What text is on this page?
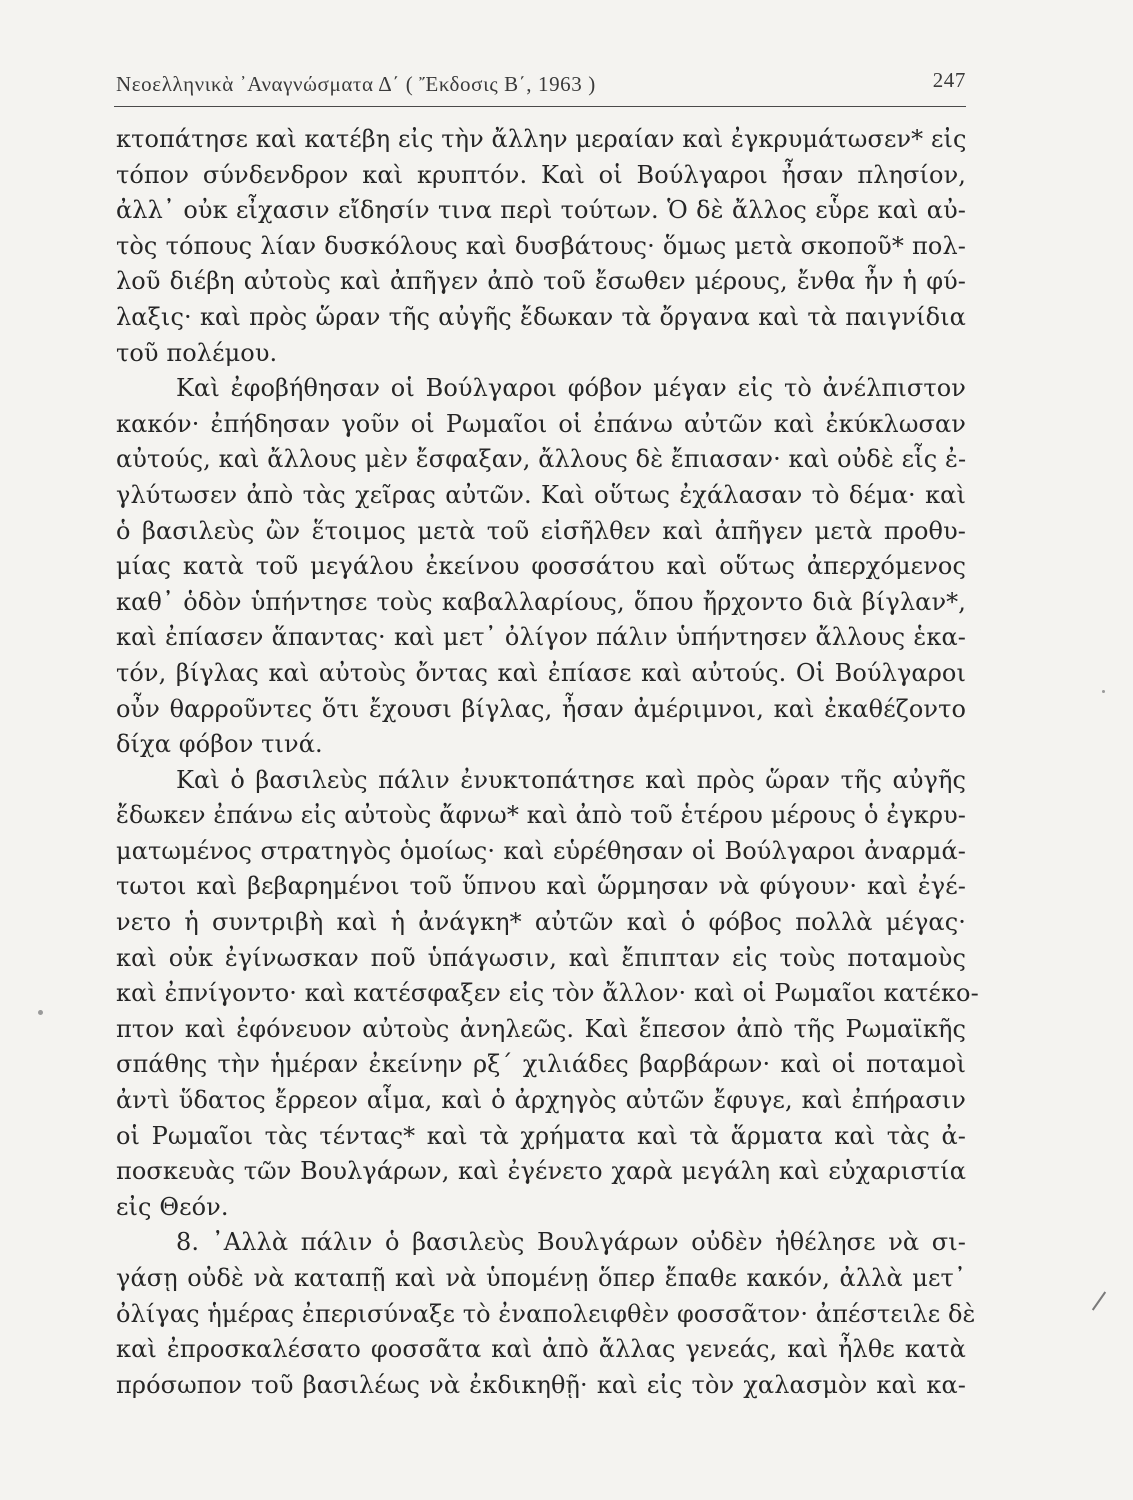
Νεοελληνικὰ ᾿Αναγνώσματα Δ΄ ( Ἔκδοσις Β΄, 1963 )	247
κτοπάτησε καὶ κατέβη εἰς τὴν ἄλλην μεραίαν καὶ ἐγκρυμάτωσεν* εἰς
τόπον σύνδενδρον καὶ κρυπτόν. Καὶ οἱ Βούλγαροι ἦσαν πλησίον,
ἀλλ᾽ οὐκ εἶχασιν εἴδησίν τινα περὶ τούτων. Ὁ δὲ ἄλλος εὗρε καὶ αὐ-
τὸς τόπους λίαν δυσκόλους καὶ δυσβάτους· ὅμως μετὰ σκοποῦ* πολ-
λοῦ διέβη αὐτοὺς καὶ ἀπῆγεν ἀπὸ τοῦ ἔσωθεν μέρους, ἔνθα ἦν ἡ φύ-
λαξις· καὶ πρὸς ὥραν τῆς αὐγῆς ἔδωκαν τὰ ὄργανα καὶ τὰ παιγνίδια
τοῦ πολέμου.
Καὶ ἐφοβήθησαν οἱ Βούλγαροι φόβον μέγαν εἰς τὸ ἀνέλπιστον
κακόν· ἐπήδησαν γοῦν οἱ Ρωμαῖοι οἱ ἐπάνω αὐτῶν καὶ ἐκύκλωσαν
αὐτούς, καὶ ἄλλους μὲν ἔσφαξαν, ἄλλους δὲ ἔπιασαν· καὶ οὐδὲ εἷς ἐ-
γλύτωσεν ἀπὸ τὰς χεῖρας αὐτῶν. Καὶ οὕτως ἐχάλασαν τὸ δέμα· καὶ
ὁ βασιλεὺς ὢν ἕτοιμος μετὰ τοῦ εἰσῆλθεν καὶ ἀπῆγεν μετὰ προθυ-
μίας κατὰ τοῦ μεγάλου ἐκείνου φοσσάτου καὶ οὕτως ἀπερχόμενος
καθ᾽ ὁδὸν ὑπήντησε τοὺς καβαλλαρίους, ὅπου ἤρχοντο διὰ βίγλαν*,
καὶ ἐπίασεν ἅπαντας· καὶ μετ᾽ ὀλίγον πάλιν ὑπήντησεν ἄλλους ἑκα-
τόν, βίγλας καὶ αὐτοὺς ὄντας καὶ ἐπίασε καὶ αὐτούς. Οἱ Βούλγαροι
οὖν θαρροῦντες ὅτι ἔχουσι βίγλας, ἦσαν ἀμέριμνοι, καὶ ἐκαθέζοντο
δίχα φόβον τινά.
Καὶ ὁ βασιλεὺς πάλιν ἐνυκτοπάτησε καὶ πρὸς ὥραν τῆς αὐγῆς
ἔδωκεν ἐπάνω εἰς αὐτοὺς ἄφνω* καὶ ἀπὸ τοῦ ἑτέρου μέρους ὁ ἐγκρυ-
ματωμένος στρατηγὸς ὁμοίως· καὶ εὑρέθησαν οἱ Βούλγαροι ἀναρμά-
τωτοι καὶ βεβαρημένοι τοῦ ὕπνου καὶ ὥρμησαν νὰ φύγουν· καὶ ἐγέ-
νετο ἡ συντριβὴ καὶ ἡ ἀνάγκη* αὐτῶν καὶ ὁ φόβος πολλὰ μέγας·
καὶ οὐκ ἐγίνωσκαν ποῦ ὑπάγωσιν, καὶ ἔπιπταν εἰς τοὺς ποταμοὺς
καὶ ἐπνίγοντο· καὶ κατέσφαξεν εἰς τὸν ἄλλον· καὶ οἱ Ρωμαῖοι κατέκο-
πτον καὶ ἐφόνευον αὐτοὺς ἀνηλεῶς. Καὶ ἔπεσον ἀπὸ τῆς Ρωμαϊκῆς
σπάθης τὴν ἡμέραν ἐκείνην ρξ΄ χιλιάδες βαρβάρων· καὶ οἱ ποταμοὶ
ἀντὶ ὕδατος ἔρρεον αἷμα, καὶ ὁ ἀρχηγὸς αὐτῶν ἔφυγε, καὶ ἐπήρασιν
οἱ Ρωμαῖοι τὰς τέντας* καὶ τὰ χρήματα καὶ τὰ ἅρματα καὶ τὰς ἀ-
ποσκευὰς τῶν Βουλγάρων, καὶ ἐγένετο χαρὰ μεγάλη καὶ εὐχαριστία
εἰς Θεόν.
8. ᾿Αλλὰ πάλιν ὁ βασιλεὺς Βουλγάρων οὐδὲν ἠθέλησε νὰ σι-
γάσῃ οὐδὲ νὰ καταπῇ καὶ νὰ ὑπομένῃ ὅπερ ἔπαθε κακόν, ἀλλὰ μετ᾽
ὀλίγας ἡμέρας ἐπερισύναξε τὸ ἐναπολειφθὲν φοσσᾶτον· ἀπέστειλε δὲ
καὶ ἐπροσκαλέσατο φοσσᾶτα καὶ ἀπὸ ἄλλας γενεάς, καὶ ἦλθε κατὰ
πρόσωπον τοῦ βασιλέως νὰ ἐκδικηθῇ· καὶ εἰς τὸν χαλασμὸν καὶ κα-
